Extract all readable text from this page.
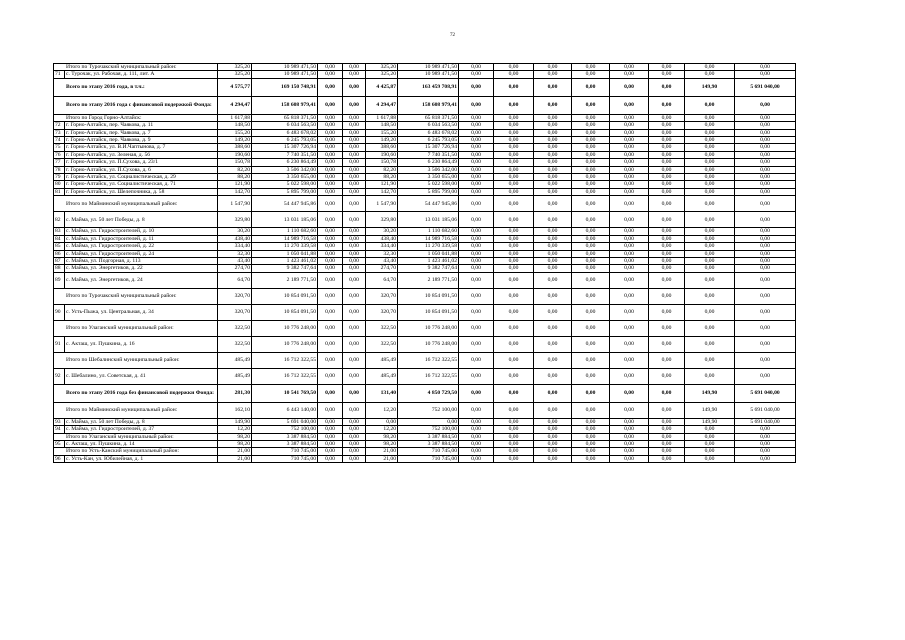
72
Итого по Турочакский муниципальный район:		325,20	10 989 471,50	0,00	0,00	325,20	10 989 471,50	0,00	0,00	0,00	0,00	0,00	0,00	0,00	0,00
71	с. Турочак, ул. Рабочая, д. 111, лит. А	325,20	10 989 471,50	0,00	0,00	325,20	10 989 471,50	0,00	0,00	0,00	0,00	0,00	0,00	0,00	0,00
Всего по этапу 2016 года, в т.ч.:		4 575,77	169 150 748,91	0,00	0,00	4 425,87	163 459 708,91	0,00	0,00	0,00	0,00	0,00	0,00	149,90	5 691 040,00
Всего по этапу 2016 года с финансовой подержкой Фонда:		4 294,47	158 608 979,41	0,00	0,00	4 294,47	158 608 979,41	0,00	0,00	0,00	0,00	0,00	0,00	0,00	0,00
Итого по Город Горно-Алтайск:		1 617,88	65 818 371,50	0,00	0,00	1 617,88	65 818 371,50	0,00	0,00	0,00	0,00	0,00	0,00	0,00	0,00
72	г. Горно-Алтайск, пер. Чаякова, д. 11	148,50	6 034 563,50	0,00	0,00	148,50	6 034 563,50	0,00	0,00	0,00	0,00	0,00	0,00	0,00	0,00
73	г. Горно-Алтайск, пер. Чаякова, д. 7	155,20	6 483 678,02	0,00	0,00	155,20	6 483 678,02	0,00	0,00	0,00	0,00	0,00	0,00	0,00	0,00
74	г. Горно-Алтайск, пер. Чаякова, д. 9	149,20	6 245 793,05	0,00	0,00	149,20	6 245 793,05	0,00	0,00	0,00	0,00	0,00	0,00	0,00	0,00
75	г. Горно-Алтайск, ул. В.И.Чаптынова, д. 7	388,60	15 307 726,94	0,00	0,00	388,60	15 307 726,94	0,00	0,00	0,00	0,00	0,00	0,00	0,00	0,00
76	г. Горно-Алтайск, ул. Зеленая, д. 56	190,60	7 740 351,50	0,00	0,00	190,60	7 740 351,50	0,00	0,00	0,00	0,00	0,00	0,00	0,00	0,00
77	г. Горно-Алтайск, ул. П.Сухова, д. 23/1	150,78	6 230 864,49	0,00	0,00	150,78	6 230 864,49	0,00	0,00	0,00	0,00	0,00	0,00	0,00	0,00
78	г. Горно-Алтайск, ул. П.Сухова, д. 6	82,20	3 506 342,00	0,00	0,00	82,20	3 506 342,00	0,00	0,00	0,00	0,00	0,00	0,00	0,00	0,00
79	г. Горно-Алтайск, ул. Социалистическая, д. 29	88,20	3 350 655,00	0,00	0,00	88,20	3 350 655,00	0,00	0,00	0,00	0,00	0,00	0,00	0,00	0,00
80	г. Горно-Алтайск, ул. Социалистическая, д. 71	121,90	5 022 598,00	0,00	0,00	121,90	5 022 598,00	0,00	0,00	0,00	0,00	0,00	0,00	0,00	0,00
81	г. Горно-Алтайск, ул. Шелепочника, д. 58	142,70	5 895 799,00	0,00	0,00	142,70	5 895 799,00	0,00	0,00	0,00	0,00	0,00	0,00	0,00	0,00
Итого по Майминский муниципальный район:		1 547,90	54 447 945,86	0,00	0,00	1 547,90	54 447 945,86	0,00	0,00	0,00	0,00	0,00	0,00	0,00	0,00
82	с. Майма, ул. 50 лет Победы, д. 8	329,80	13 031 185,06	0,00	0,00	329,80	13 031 185,06	0,00	0,00	0,00	0,00	0,00	0,00	0,00	0,00
83	с. Майма, ул. Гидростроителей, д. 10	30,20	1 110 682,60	0,00	0,00	30,20	1 110 682,60	0,00	0,00	0,00	0,00	0,00	0,00	0,00	0,00
84	с. Майма, ул. Гидростроителей, д. 11	438,40	14 989 716,58	0,00	0,00	438,40	14 989 716,58	0,00	0,00	0,00	0,00	0,00	0,00	0,00	0,00
85	с. Майма, ул. Гидростроителей, д. 22	334,40	11 270 339,58	0,00	0,00	334,40	11 270 339,58	0,00	0,00	0,00	0,00	0,00	0,00	0,00	0,00
86	с. Майма, ул. Гидростроителей, д. 24	32,30	1 050 041,88	0,00	0,00	32,30	1 050 041,88	0,00	0,00	0,00	0,00	0,00	0,00	0,00	0,00
87	с. Майма, ул. Подгорная, д. 113	43,40	1 423 461,02	0,00	0,00	43,40	1 423 461,02	0,00	0,00	0,00	0,00	0,00	0,00	0,00	0,00
88	с. Майма, ул. Энергетиков, д. 22	274,70	9 382 747,64	0,00	0,00	274,70	9 382 747,64	0,00	0,00	0,00	0,00	0,00	0,00	0,00	0,00
89	с. Майма, ул. Энергетиков, д. 24	64,70	2 189 771,50	0,00	0,00	64,70	2 189 771,50	0,00	0,00	0,00	0,00	0,00	0,00	0,00	0,00
Итого по Турочакский муниципальный район:		320,70	10 854 091,50	0,00	0,00	320,70	10 854 091,50	0,00	0,00	0,00	0,00	0,00	0,00	0,00	0,00
90	с. Усть-Пыжа, ул. Центральная, д. 34	320,70	10 854 091,50	0,00	0,00	320,70	10 854 091,50	0,00	0,00	0,00	0,00	0,00	0,00	0,00	0,00
Итого по Улаганский муниципальный район:		322,50	10 776 248,00	0,00	0,00	322,50	10 776 248,00	0,00	0,00	0,00	0,00	0,00	0,00	0,00	0,00
91	с. Акташ, ул. Пушкина, д. 16	322,50	10 776 248,00	0,00	0,00	322,50	10 776 248,00	0,00	0,00	0,00	0,00	0,00	0,00	0,00	0,00
Итого по Шебалинский муниципальный район:		485,49	16 712 322,55	0,00	0,00	485,49	16 712 322,55	0,00	0,00	0,00	0,00	0,00	0,00	0,00	0,00
92	с. Шебалино, ул. Советская, д. 41	485,49	16 712 322,55	0,00	0,00	485,49	16 712 322,55	0,00	0,00	0,00	0,00	0,00	0,00	0,00	0,00
Всего по этапу 2016 года без финансовой подержки Фонда:		281,30	10 541 769,50	0,00	0,00	131,40	4 850 729,50	0,00	0,00	0,00	0,00	0,00	0,00	149,90	5 691 040,00
Итого по Майминский муниципальный район:		162,10	6 443 140,00	0,00	0,00	12,20	752 100,00	0,00	0,00	0,00	0,00	0,00	0,00	149,90	5 691 040,00
93	с. Майма, ул. 50 лет Победы, д. 8	149,90	5 691 040,00	0,00	0,00	0,00	0,00	0,00	0,00	0,00	0,00	0,00	0,00	149,90	5 691 040,00
94	с. Майма, ул. Гидростроителей, д. 37	12,20	752 100,00	0,00	0,00	12,20	752 100,00	0,00	0,00	0,00	0,00	0,00	0,00	0,00	0,00
Итого по Улаганский муниципальный район:		98,20	3 387 884,50	0,00	0,00	98,20	3 387 884,50	0,00	0,00	0,00	0,00	0,00	0,00	0,00	0,00
95	с. Акташ, ул. Пушкина, д. 14	98,20	3 387 884,50	0,00	0,00	98,20	3 387 884,50	0,00	0,00	0,00	0,00	0,00	0,00	0,00	0,00
Итого по Усть-Канский муниципальный район:		21,00	710 745,00	0,00	0,00	21,00	710 745,00	0,00	0,00	0,00	0,00	0,00	0,00	0,00	0,00
96	с. Усть-Кан, ул. Юбилейная, д. 1	21,00	710 745,00	0,00	0,00	21,00	710 745,00	0,00	0,00	0,00	0,00	0,00	0,00	0,00	0,00
